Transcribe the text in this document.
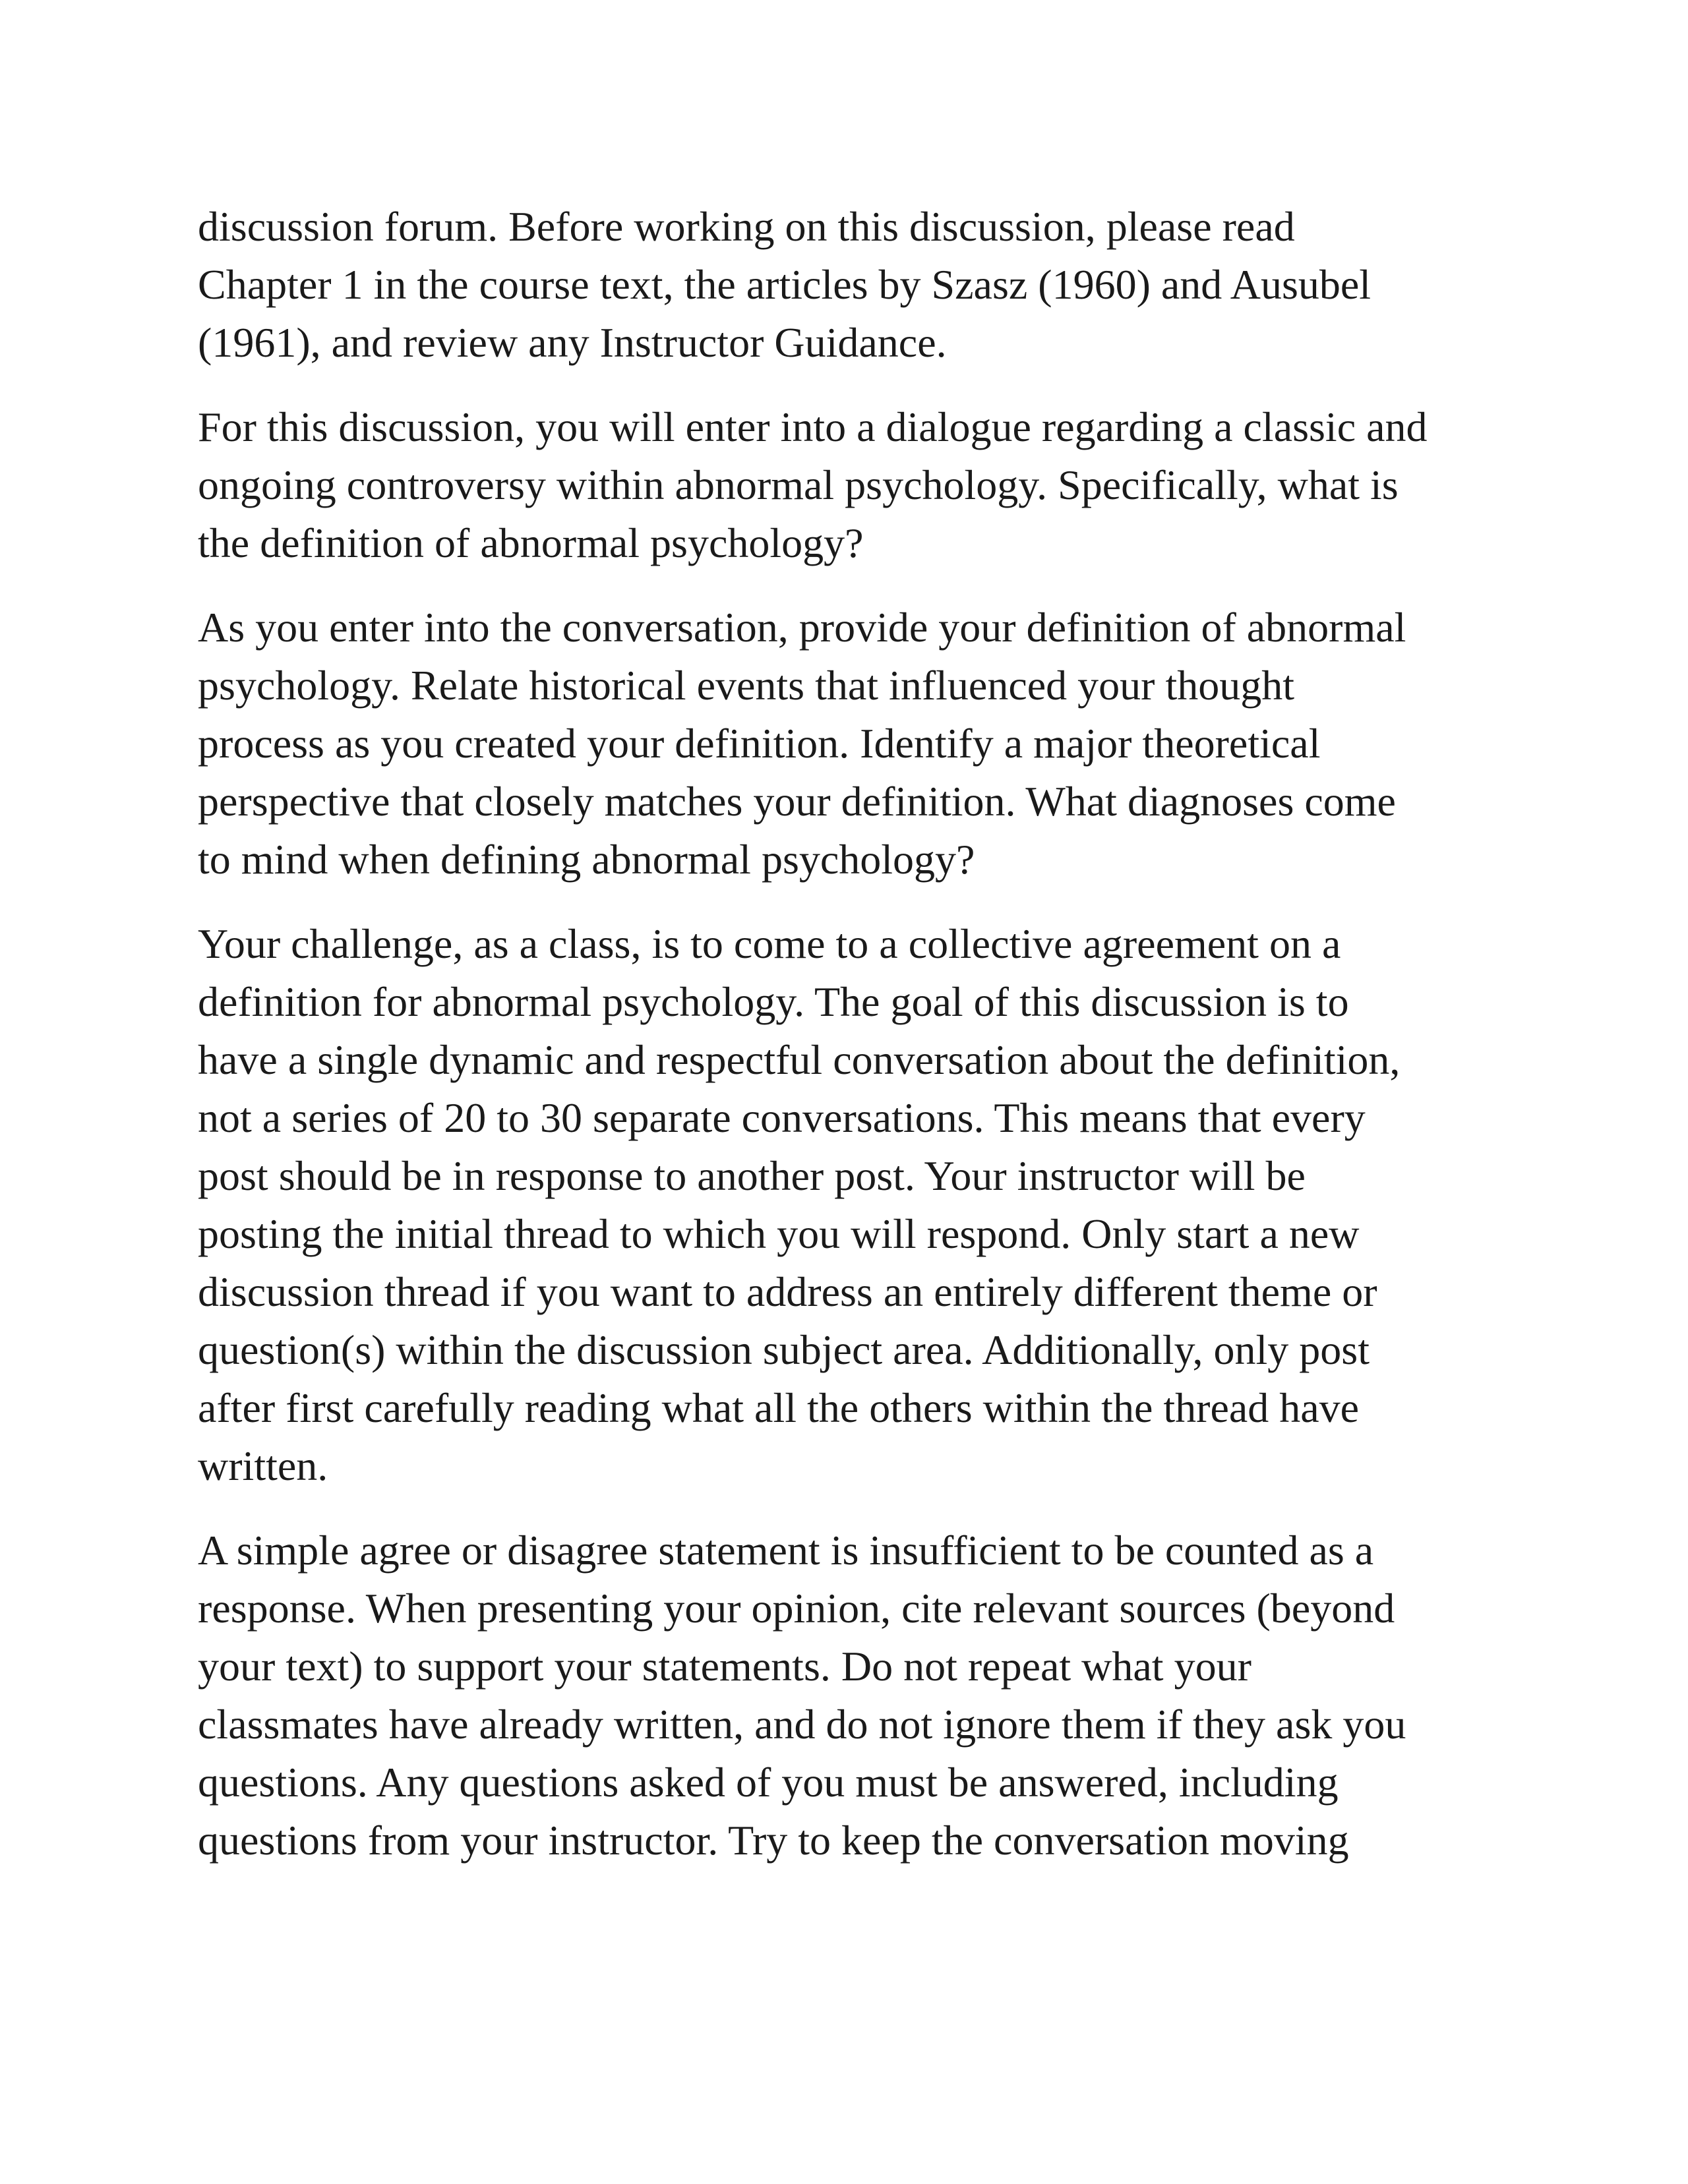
discussion forum. Before working on this discussion, please read
Chapter 1 in the course text, the articles by Szasz (1960) and Ausubel
(1961), and review any Instructor Guidance.

For this discussion, you will enter into a dialogue regarding a classic and
ongoing controversy within abnormal psychology. Specifically, what is
the definition of abnormal psychology?

As you enter into the conversation, provide your definition of abnormal
psychology. Relate historical events that influenced your thought
process as you created your definition. Identify a major theoretical
perspective that closely matches your definition. What diagnoses come
to mind when defining abnormal psychology?

Your challenge, as a class, is to come to a collective agreement on a
definition for abnormal psychology. The goal of this discussion is to
have a single dynamic and respectful conversation about the definition,
not a series of 20 to 30 separate conversations. This means that every
post should be in response to another post. Your instructor will be
posting the initial thread to which you will respond. Only start a new
discussion thread if you want to address an entirely different theme or
question(s) within the discussion subject area. Additionally, only post
after first carefully reading what all the others within the thread have
written.

A simple agree or disagree statement is insufficient to be counted as a
response. When presenting your opinion, cite relevant sources (beyond
your text) to support your statements. Do not repeat what your
classmates have already written, and do not ignore them if they ask you
questions. Any questions asked of you must be answered, including
questions from your instructor. Try to keep the conversation moving
